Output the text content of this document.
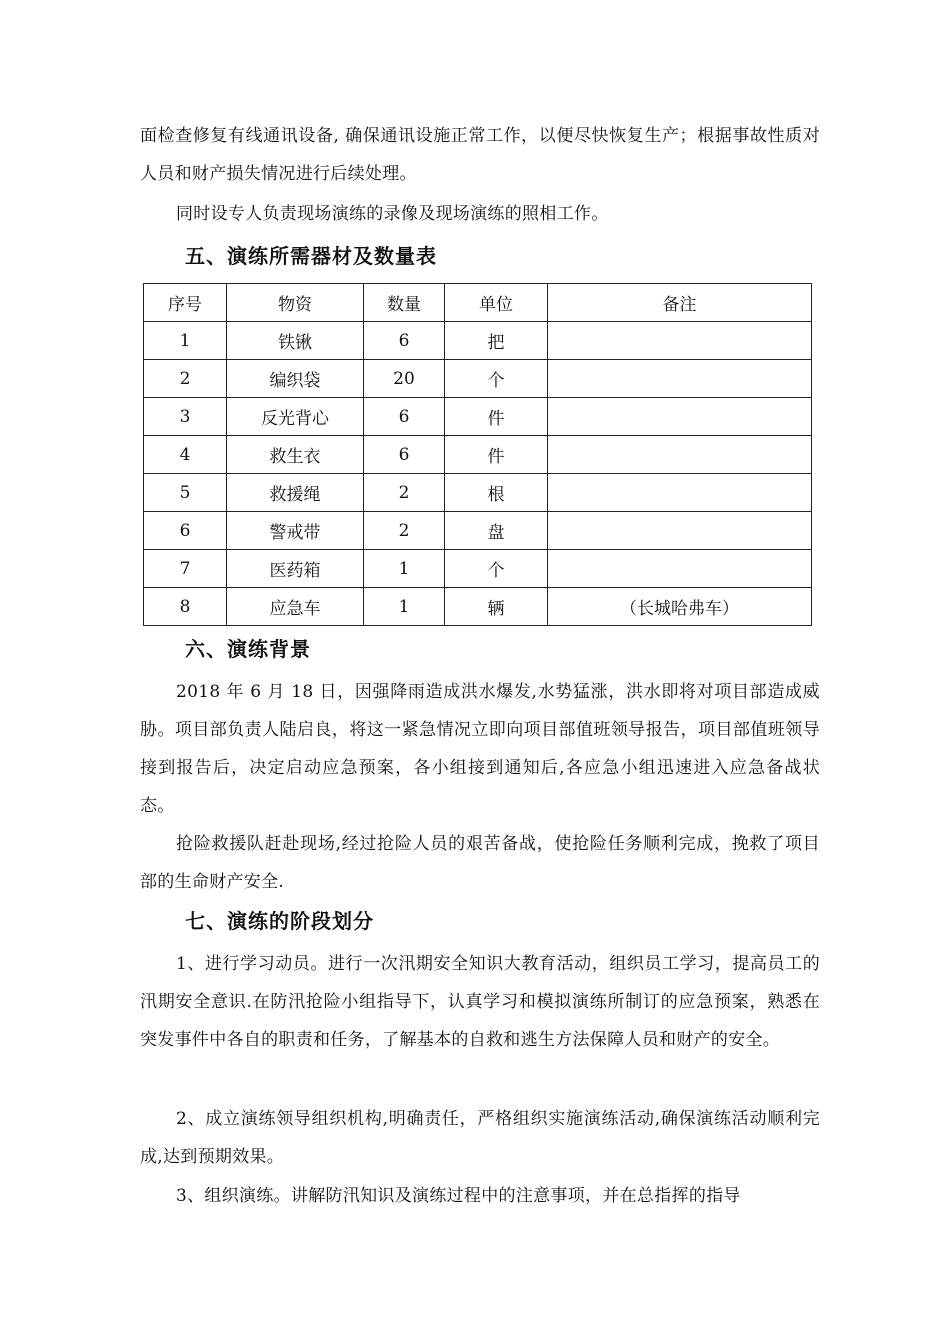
面检查修复有线通讯设备, 确保通讯设施正常工作，以便尽快恢复生产；根据事故性质对人员和财产损失情况进行后续处理。

同时设专人负责现场演练的录像及现场演练的照相工作。

五、演练所需器材及数量表
序号	物资	数量	单位	备注
1	铁锹	6	把	
2	编织袋	20	个	
3	反光背心	6	件	
4	救生衣	6	件	
5	救援绳	2	根	
6	警戒带	2	盘	
7	医药箱	1	个	
8	应急车	1	辆	（长城哈弗车）
六、演练背景

2018 年 6 月 18 日，因强降雨造成洪水爆发,水势猛涨，洪水即将对项目部造成威胁。项目部负责人陆启良，将这一紧急情况立即向项目部值班领导报告，项目部值班领导接到报告后，决定启动应急预案，各小组接到通知后,各应急小组迅速进入应急备战状态。

抢险救援队赶赴现场,经过抢险人员的艰苦备战，使抢险任务顺利完成，挽救了项目部的生命财产安全.

七、演练的阶段划分

1、进行学习动员。进行一次汛期安全知识大教育活动，组织员工学习，提高员工的汛期安全意识.在防汛抢险小组指导下，认真学习和模拟演练所制订的应急预案，熟悉在突发事件中各自的职责和任务，了解基本的自救和逃生方法保障人员和财产的安全。

2、成立演练领导组织机构,明确责任，严格组织实施演练活动,确保演练活动顺利完成,达到预期效果。

3、组织演练。讲解防汛知识及演练过程中的注意事项，并在总指挥的指导
